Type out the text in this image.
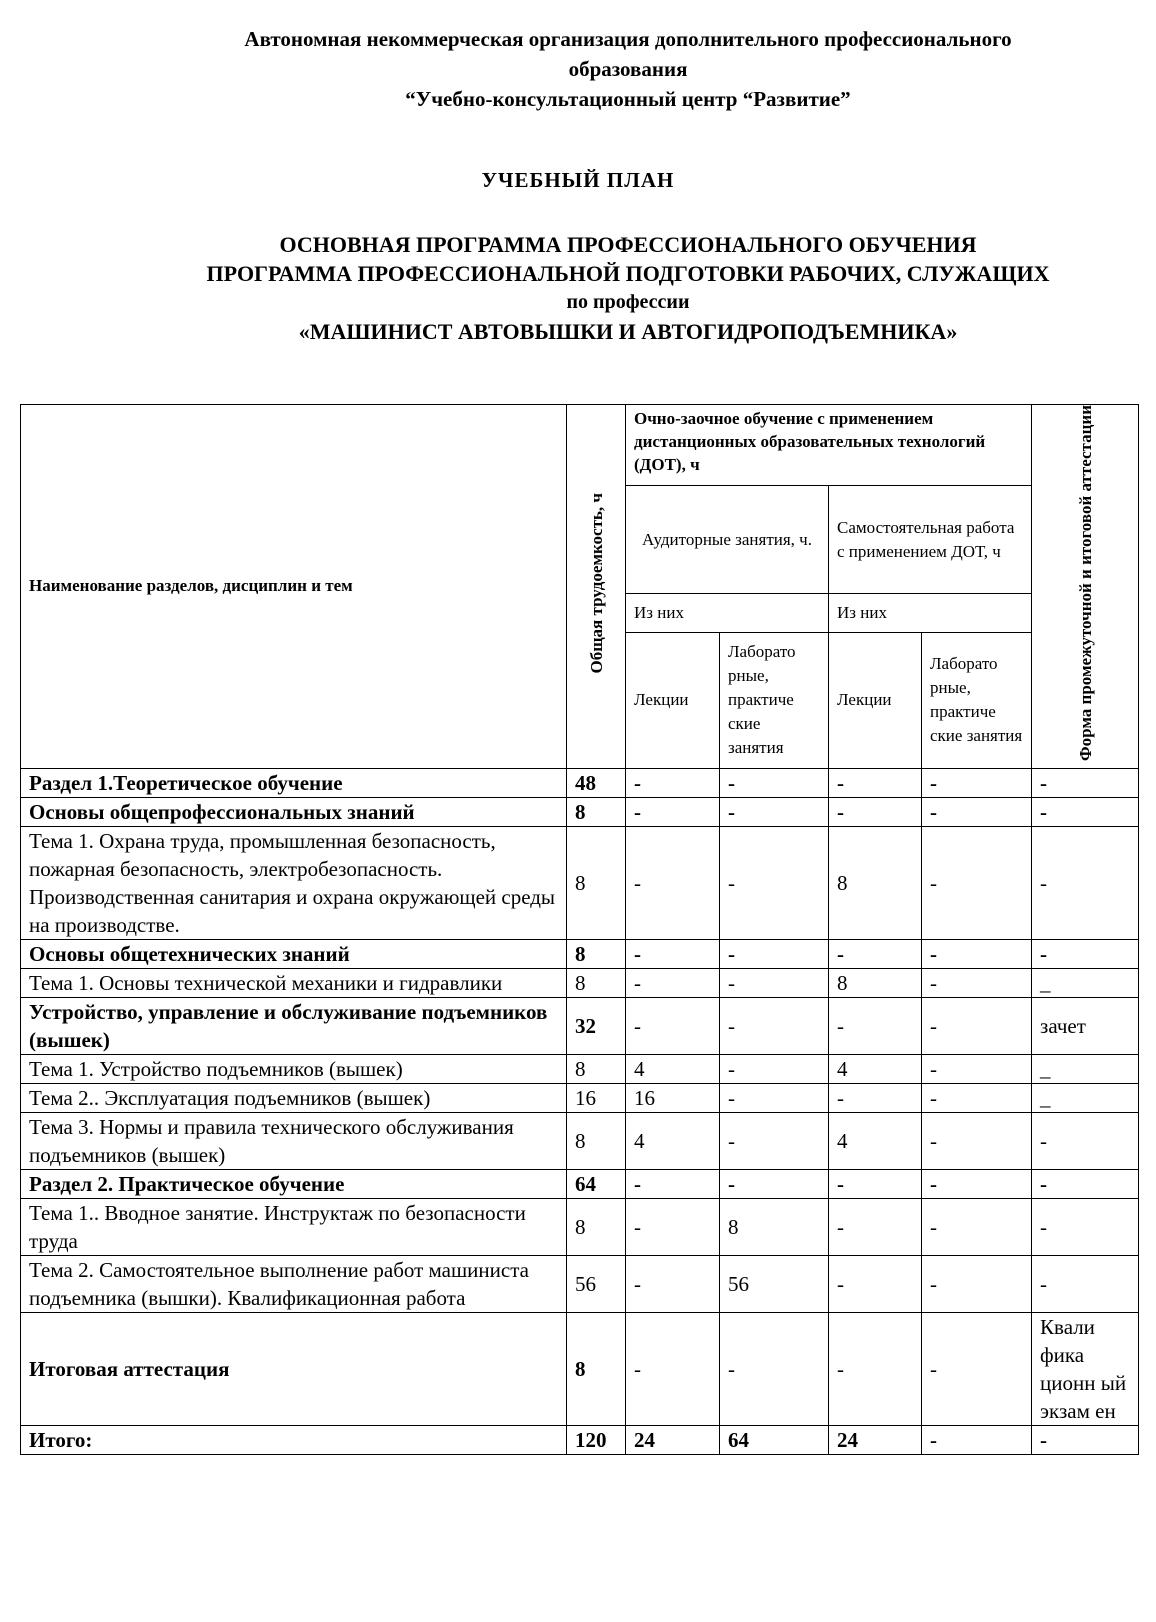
Автономная некоммерческая организация дополнительного профессионального
образования
“Учебно-консультационный центр “Развитие”
УЧЕБНЫЙ ПЛАН
ОСНОВНАЯ ПРОГРАММА ПРОФЕССИОНАЛЬНОГО ОБУЧЕНИЯ
ПРОГРАММА ПРОФЕССИОНАЛЬНОЙ ПОДГОТОВКИ РАБОЧИХ, СЛУЖАЩИХ
по профессии
«МАШИНИСТ АВТОВЫШКИ И АВТОГИДРОПОДЪЕМНИКА»
Наименование разделов, дисциплин и тем	Общая трудоемкость, ч	Очно-заочное обучение с применением дистанционных образовательных технологий (ДОТ), ч				Форма промежуточной и итоговой аттестации
		Аудиторные занятия, ч.		Самостоятельная работа с применением ДОТ, ч		
		Из них		Из них		
		Лекции	Лаборато рные, практиче ские занятия	Лекции	Лаборато рные, практиче ские занятия	
Раздел 1.Теоретическое обучение	48	-	-	-	-	-
Основы общепрофессиональных знаний	8	-	-	-	-	-
Тема 1. Охрана труда, промышленная безопасность, пожарная безопасность, электробезопасность. Производственная санитария и охрана окружающей среды на производстве.	8	-	-	8	-	-
Основы общетехнических знаний	8	-	-	-	-	-
Тема 1. Основы технической механики и гидравлики	8	-	-	8	-	_
Устройство, управление и обслуживание подъемников (вышек)	32	-	-	-	-	зачет
Тема 1. Устройство подъемников (вышек)	8	4	-	4	-	_
Тема 2.. Эксплуатация подъемников (вышек)	16	16	-	-	-	_
Тема 3. Нормы и правила технического обслуживания подъемников (вышек)	8	4	-	4	-	-
Раздел 2. Практическое обучение	64	-	-	-	-	-
Тема 1.. Вводное занятие. Инструктаж по безопасности труда	8	-	8	-	-	-
Тема 2. Самостоятельное выполнение работ машиниста подъемника (вышки). Квалификационная работа	56	-	56	-	-	-
Итоговая аттестация	8	-	-	-	-	Квали фика ционн ый экзам ен
Итого:	120	24	64	24	-	-
